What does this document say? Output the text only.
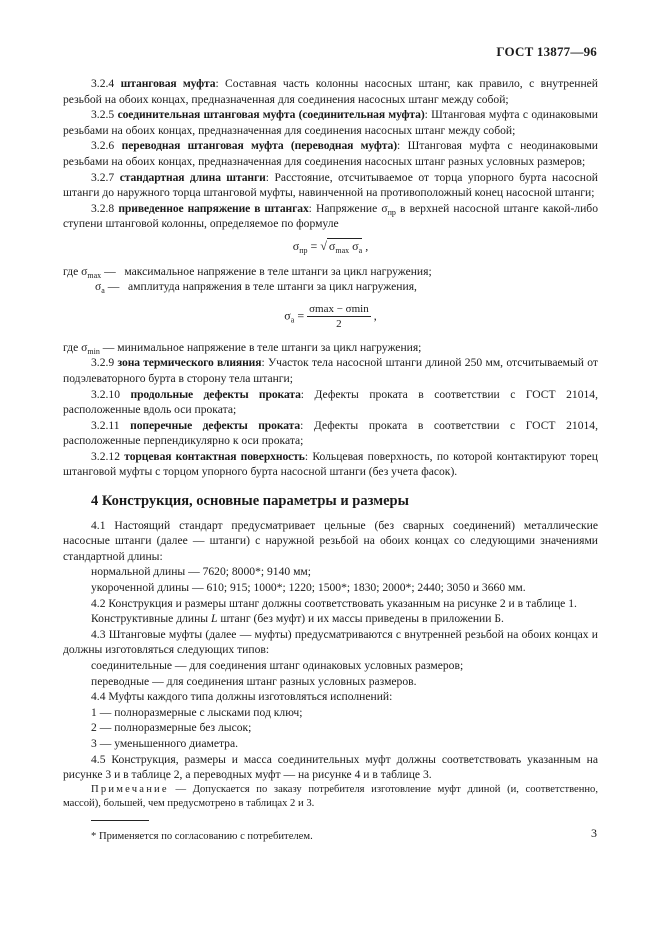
ГОСТ 13877—96

3.2.4 штанговая муфта: Составная часть колонны насосных штанг, как правило, с внутренней резьбой на обоих концах, предназначенная для соединения насосных штанг между собой;

3.2.5 соединительная штанговая муфта (соединительная муфта): Штанговая муфта с одинаковыми резьбами на обоих концах, предназначенная для соединения насосных штанг между собой;

3.2.6 переводная штанговая муфта (переводная муфта): Штанговая муфта с неодинаковыми резьбами на обоих концах, предназначенная для соединения насосных штанг разных условных размеров;

3.2.7 стандартная длина штанги: Расстояние, отсчитываемое от торца упорного бурта насосной штанги до наружного торца штанговой муфты, навинченной на противоположный конец насосной штанги;

3.2.8 приведенное напряжение в штангах: Напряжение $\sigma_{пр}$ в верхней насосной штанге какой-либо ступени штанговой колонны, определяемое по формуле

$\sigma_{пр}$ = √ $\sigma_{max}$ $\sigma_a$ ,

где $\sigma_{max}$ — максимальное напряжение в теле штанги за цикл нагружения;

$\sigma_a$ — амплитуда напряжения в теле штанги за цикл нагружения,

$\sigma_a = \frac{\sigma\max - \sigma\min}{2}$ ,

где $\sigma_{min}$ — минимальное напряжение в теле штанги за цикл нагружения;

3.2.9 зона термического влияния: Участок тела насосной штанги длиной 250 мм, отсчитываемый от подэлеваторного бурта в сторону тела штанги;

3.2.10 продольные дефекты проката: Дефекты проката в соответствии с ГОСТ 21014, расположенные вдоль оси проката;

3.2.11 поперечные дефекты проката: Дефекты проката в соответствии с ГОСТ 21014, расположенные перпендикулярно к оси проката;

3.2.12 торцевая контактная поверхность: Кольцевая поверхность, по которой контактируют торец штанговой муфты с торцом упорного бурта насосной штанги (без учета фасок).

4 Конструкция, основные параметры и размеры

4.1 Настоящий стандарт предусматривает цельные (без сварных соединений) металлические насосные штанги (далее — штанги) с наружной резьбой на обоих концах со следующими значениями стандартной длины:

нормальной длины — 7620; 8000*; 9140 мм;

укороченной длины — 610; 915; 1000*; 1220; 1500*; 1830; 2000*; 2440; 3050 и 3660 мм.

4.2 Конструкция и размеры штанг должны соответствовать указанным на рисунке 2 и в таблице 1.

Конструктивные длины L штанг (без муфт) и их массы приведены в приложении Б.

4.3 Штанговые муфты (далее — муфты) предусматриваются с внутренней резьбой на обоих концах и должны изготовляться следующих типов:

соединительные — для соединения штанг одинаковых условных размеров;

переводные — для соединения штанг разных условных размеров.

4.4 Муфты каждого типа должны изготовляться исполнений:

1 — полноразмерные с лысками под ключ;

2 — полноразмерные без лысок;

3 — уменьшенного диаметра.

4.5 Конструкция, размеры и масса соединительных муфт должны соответствовать указанным на рисунке 3 и в таблице 2, а переводных муфт — на рисунке 4 и в таблице 3.

Примечание — Допускается по заказу потребителя изготовление муфт длиной (и, соответственно, массой), большей, чем предусмотрено в таблицах 2 и 3.

* Применяется по согласованию с потребителем.	3
